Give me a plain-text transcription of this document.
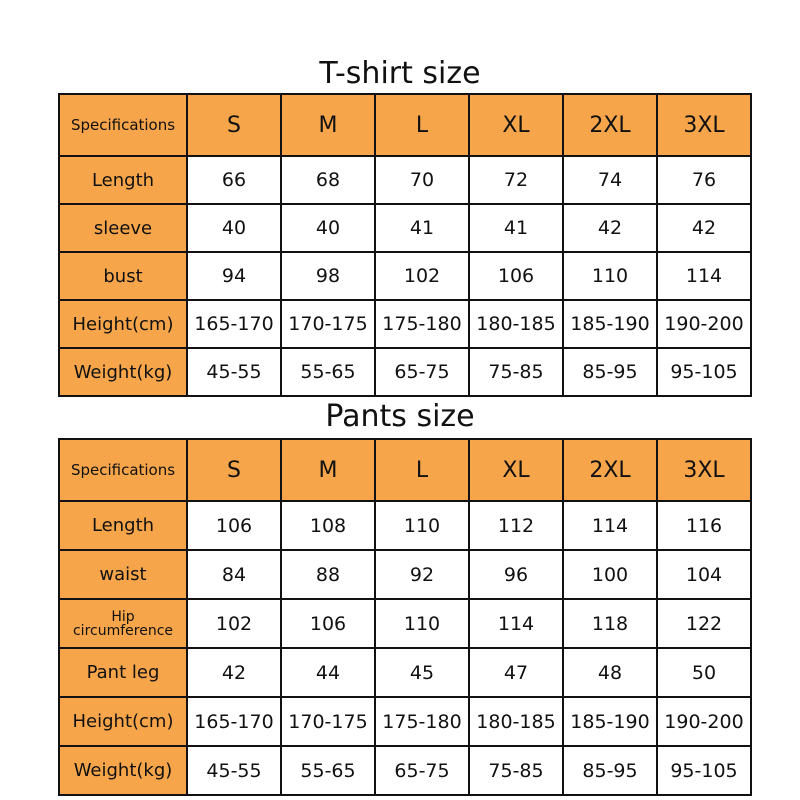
T-shirt size
Specifications	S	M	L	XL	2XL	3XL
Length	66	68	70	72	74	76
sleeve	40	40	41	41	42	42
bust	94	98	102	106	110	114
Height(cm)	165-170	170-175	175-180	180-185	185-190	190-200
Weight(kg)	45-55	55-65	65-75	75-85	85-95	95-105
Pants size
Specifications	S	M	L	XL	2XL	3XL
Length	106	108	110	112	114	116
waist	84	88	92	96	100	104
Hip circumference	102	106	110	114	118	122
Pant leg	42	44	45	47	48	50
Height(cm)	165-170	170-175	175-180	180-185	185-190	190-200
Weight(kg)	45-55	55-65	65-75	75-85	85-95	95-105
